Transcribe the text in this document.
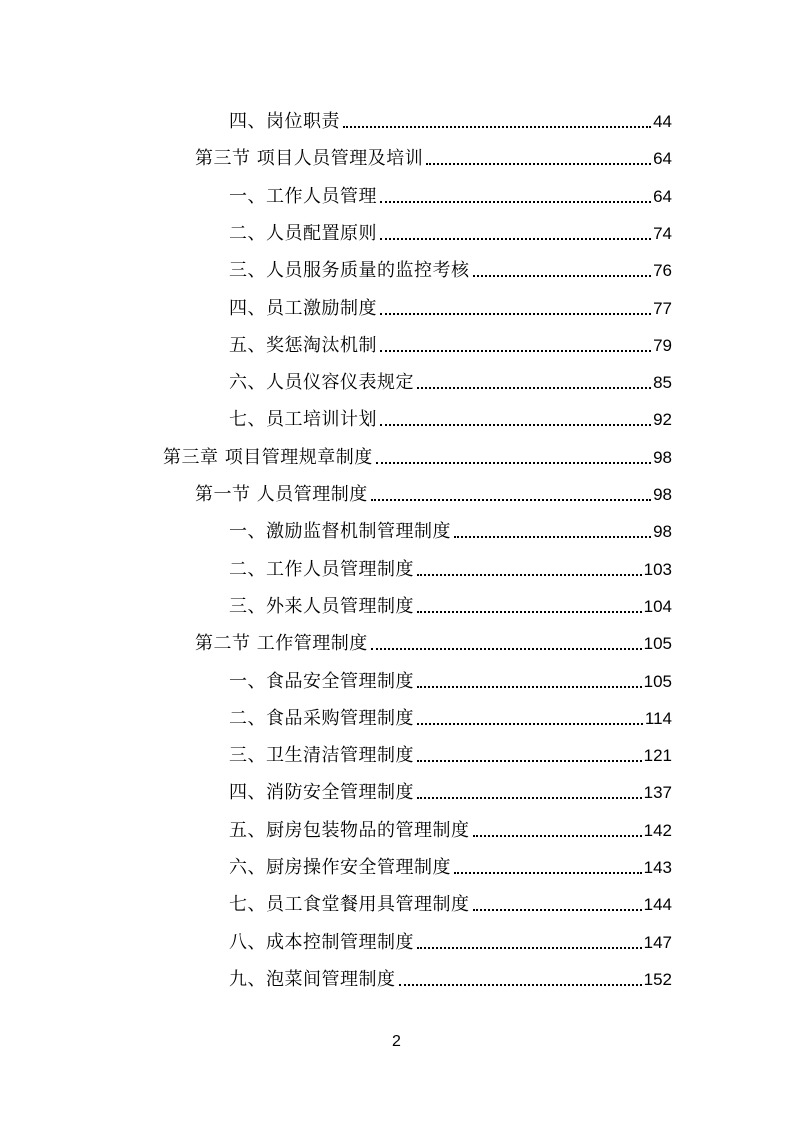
四、岗位职责	44
第三节 项目人员管理及培训	64
一、工作人员管理	64
二、人员配置原则	74
三、人员服务质量的监控考核	76
四、员工激励制度	77
五、奖惩淘汰机制	79
六、人员仪容仪表规定	85
七、员工培训计划	92
第三章 项目管理规章制度	98
第一节 人员管理制度	98
一、激励监督机制管理制度	98
二、工作人员管理制度	103
三、外来人员管理制度	104
第二节 工作管理制度	105
一、食品安全管理制度	105
二、食品采购管理制度	114
三、卫生清洁管理制度	121
四、消防安全管理制度	137
五、厨房包装物品的管理制度	142
六、厨房操作安全管理制度	143
七、员工食堂餐用具管理制度	144
八、成本控制管理制度	147
九、泡菜间管理制度	152
2
